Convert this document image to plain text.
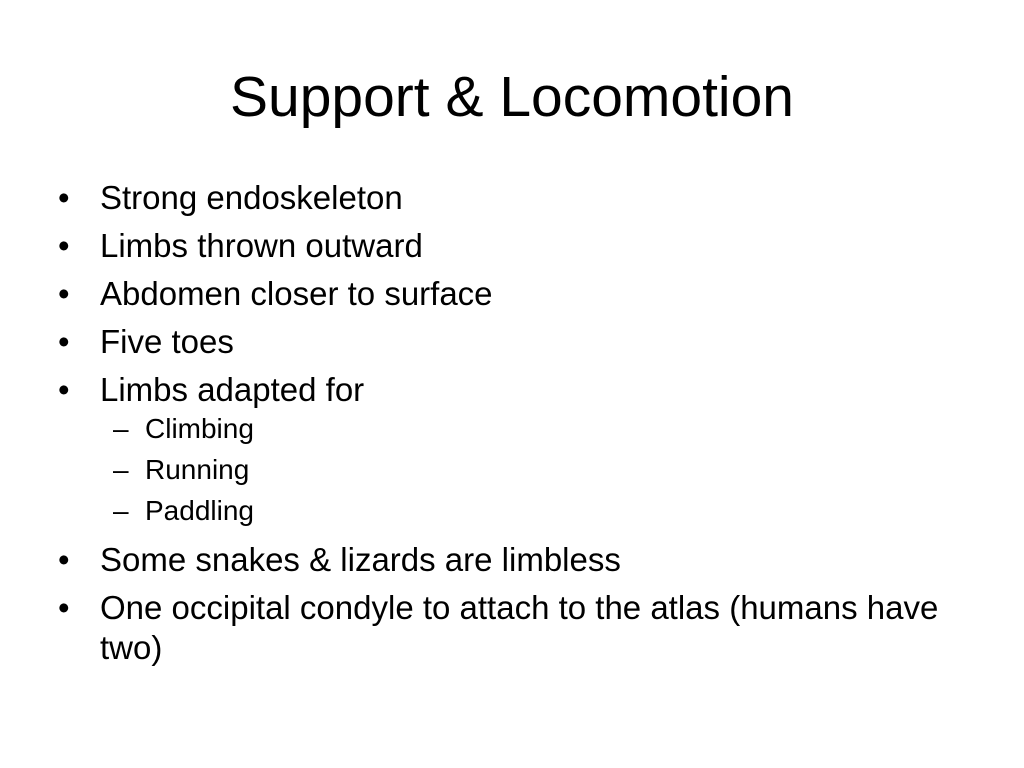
Support & Locomotion
• Strong endoskeleton
• Limbs thrown outward
• Abdomen closer to surface
• Five toes
• Limbs adapted for
– Climbing
– Running
– Paddling
• Some snakes & lizards are limbless
• One occipital condyle to attach to the atlas (humans have two)
